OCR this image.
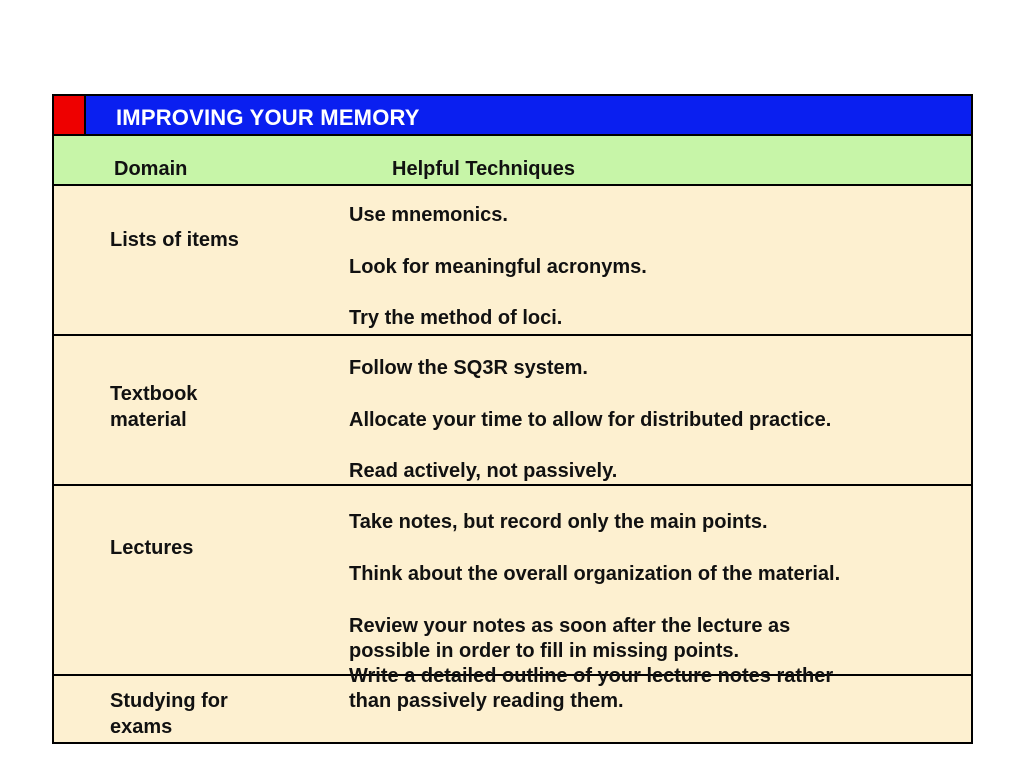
IMPROVING YOUR MEMORY
Domain	Helpful Techniques
Lists of items
Use mnemonics.
Look for meaningful acronyms.
Try the method of loci.
Textbook
material
Follow the SQ3R system.
Allocate your time to allow for distributed practice.
Read actively, not passively.
Lectures
Take notes, but record only the main points.
Think about the overall organization of the material.
Review your notes as soon after the lecture as
possible in order to fill in missing points.
Studying for
exams
Write a detailed outline of your lecture notes rather
than passively reading them.
